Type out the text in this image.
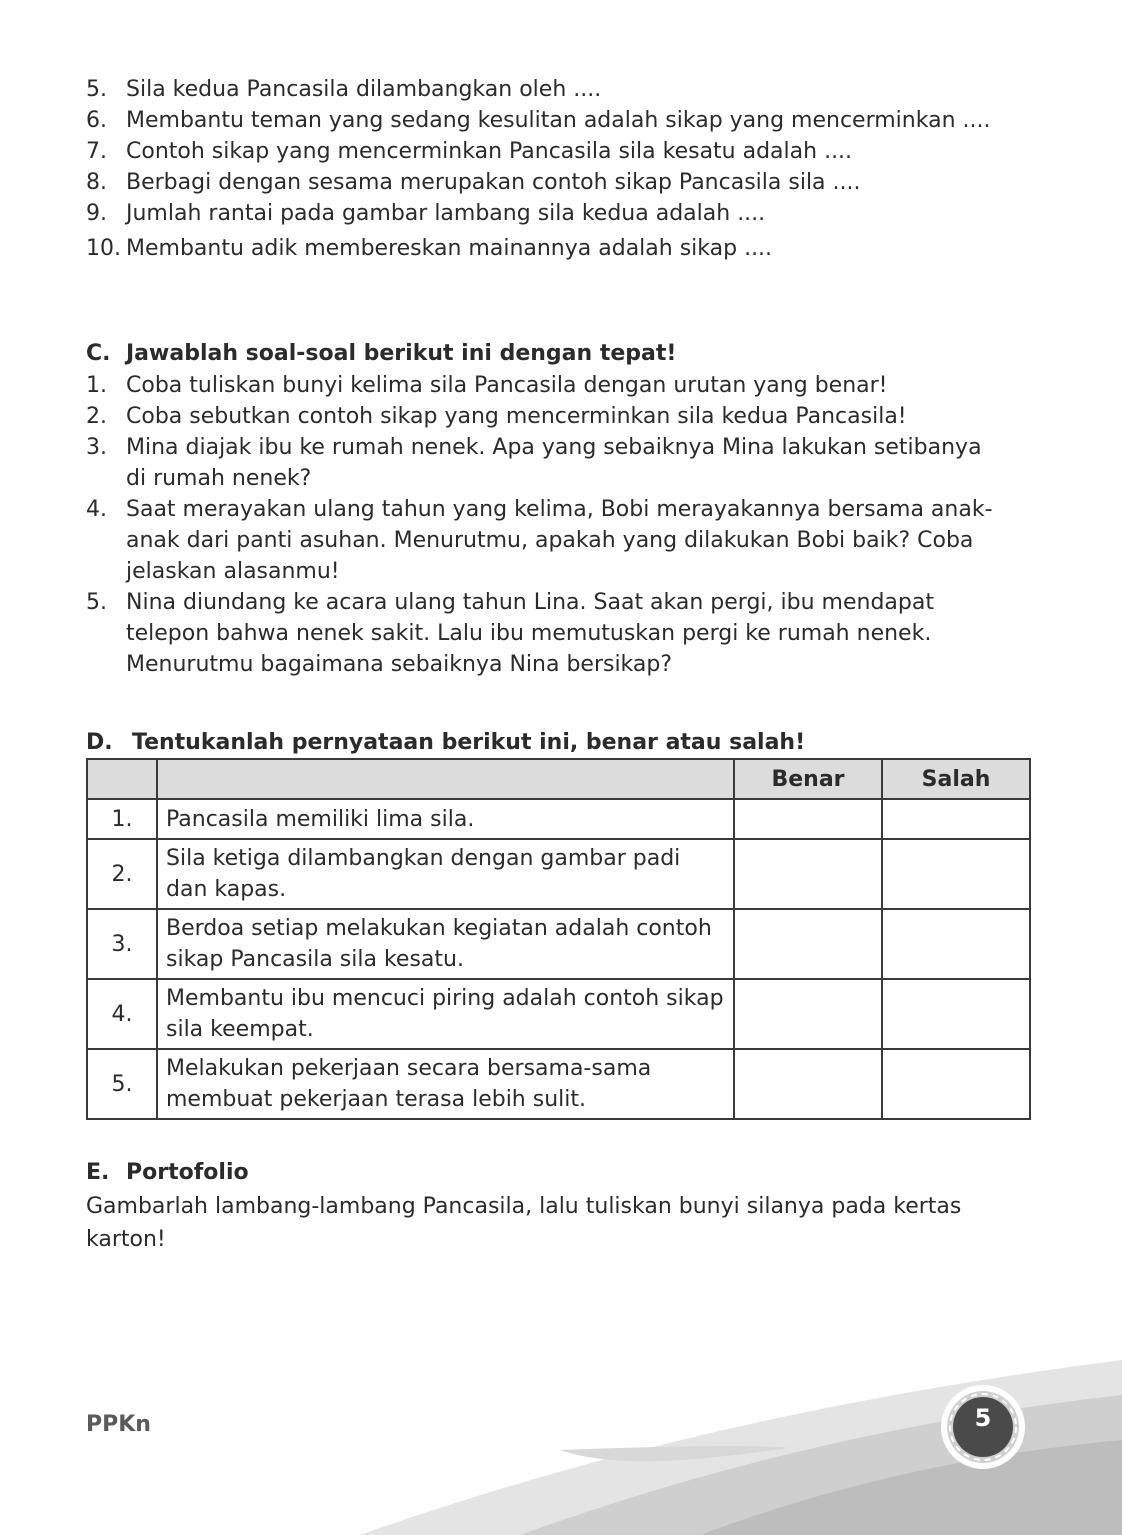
5. Sila kedua Pancasila dilambangkan oleh ....
6. Membantu teman yang sedang kesulitan adalah sikap yang mencerminkan ....
7. Contoh sikap yang mencerminkan Pancasila sila kesatu adalah ....
8. Berbagi dengan sesama merupakan contoh sikap Pancasila sila ....
9. Jumlah rantai pada gambar lambang sila kedua adalah ....
10. Membantu adik membereskan mainannya adalah sikap ....
C. Jawablah soal-soal berikut ini dengan tepat!
1. Coba tuliskan bunyi kelima sila Pancasila dengan urutan yang benar!
2. Coba sebutkan contoh sikap yang mencerminkan sila kedua Pancasila!
3. Mina diajak ibu ke rumah nenek. Apa yang sebaiknya Mina lakukan setibanya di rumah nenek?
4. Saat merayakan ulang tahun yang kelima, Bobi merayakannya bersama anak-anak dari panti asuhan. Menurutmu, apakah yang dilakukan Bobi baik? Coba jelaskan alasanmu!
5. Nina diundang ke acara ulang tahun Lina. Saat akan pergi, ibu mendapat telepon bahwa nenek sakit. Lalu ibu memutuskan pergi ke rumah nenek. Menurutmu bagaimana sebaiknya Nina bersikap?
D. Tentukanlah pernyataan berikut ini, benar atau salah!
		Benar	Salah
1.	Pancasila memiliki lima sila.		
2.	Sila ketiga dilambangkan dengan gambar padi dan kapas.		
3.	Berdoa setiap melakukan kegiatan adalah contoh sikap Pancasila sila kesatu.		
4.	Membantu ibu mencuci piring adalah contoh sikap sila keempat.		
5.	Melakukan pekerjaan secara bersama-sama membuat pekerjaan terasa lebih sulit.		
E. Portofolio
Gambarlah lambang-lambang Pancasila, lalu tuliskan bunyi silanya pada kertas karton!
PPKn	5
